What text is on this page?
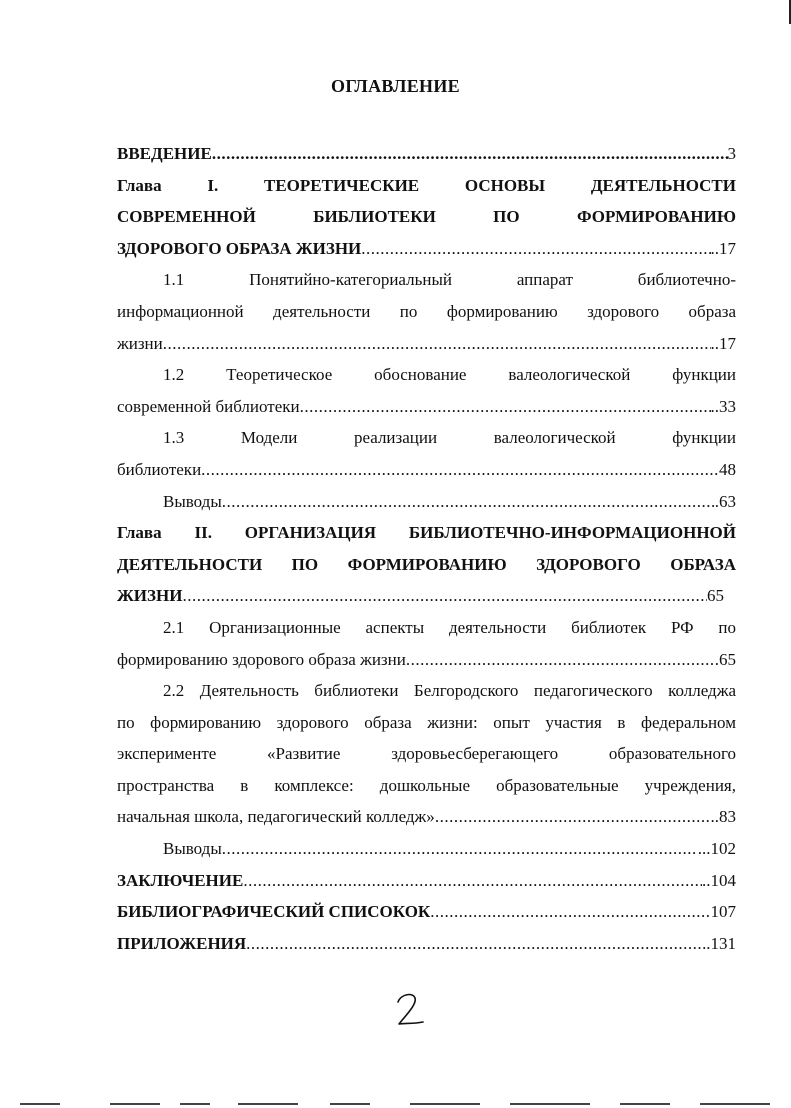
ОГЛАВЛЕНИЕ
ВВЕДЕНИЕ .....	3
Глава I. ТЕОРЕТИЧЕСКИЕ ОСНОВЫ ДЕЯТЕЛЬНОСТИ
СОВРЕМЕННОЙ БИБЛИОТЕКИ ПО ФОРМИРОВАНИЮ
ЗДОРОВОГО ОБРАЗА ЖИЗНИ .....	..17
1.1 Понятийно-категориальный аппарат библиотечно-
информационной деятельности по формированию здорового образа
жизни .....	..17
1.2 Теоретическое обоснование валеологической функции
современной библиотеки .....	..33
1.3 Модели реализации валеологической функции
библиотеки .....	48
Выводы .....	.63
Глава II. ОРГАНИЗАЦИЯ БИБЛИОТЕЧНО-ИНФОРМАЦИОННОЙ
ДЕЯТЕЛЬНОСТИ ПО ФОРМИРОВАНИЮ ЗДОРОВОГО ОБРАЗА
ЖИЗНИ .....	65
2.1 Организационные аспекты деятельности библиотек РФ по
формированию здорового образа жизни .....	.65
2.2 Деятельность библиотеки Белгородского педагогического колледжа
по формированию здорового образа жизни: опыт участия в федеральном
эксперименте «Развитие здоровьесберегающего образовательного
пространства в комплексе: дошкольные образовательные учреждения,
начальная школа, педагогический колледж» .....	..83
Выводы .....	...102
ЗАКЛЮЧЕНИЕ .....	..104
БИБЛИОГРАФИЧЕСКИЙ СПИСОКОК .....	107
ПРИЛОЖЕНИЯ .....	.131
